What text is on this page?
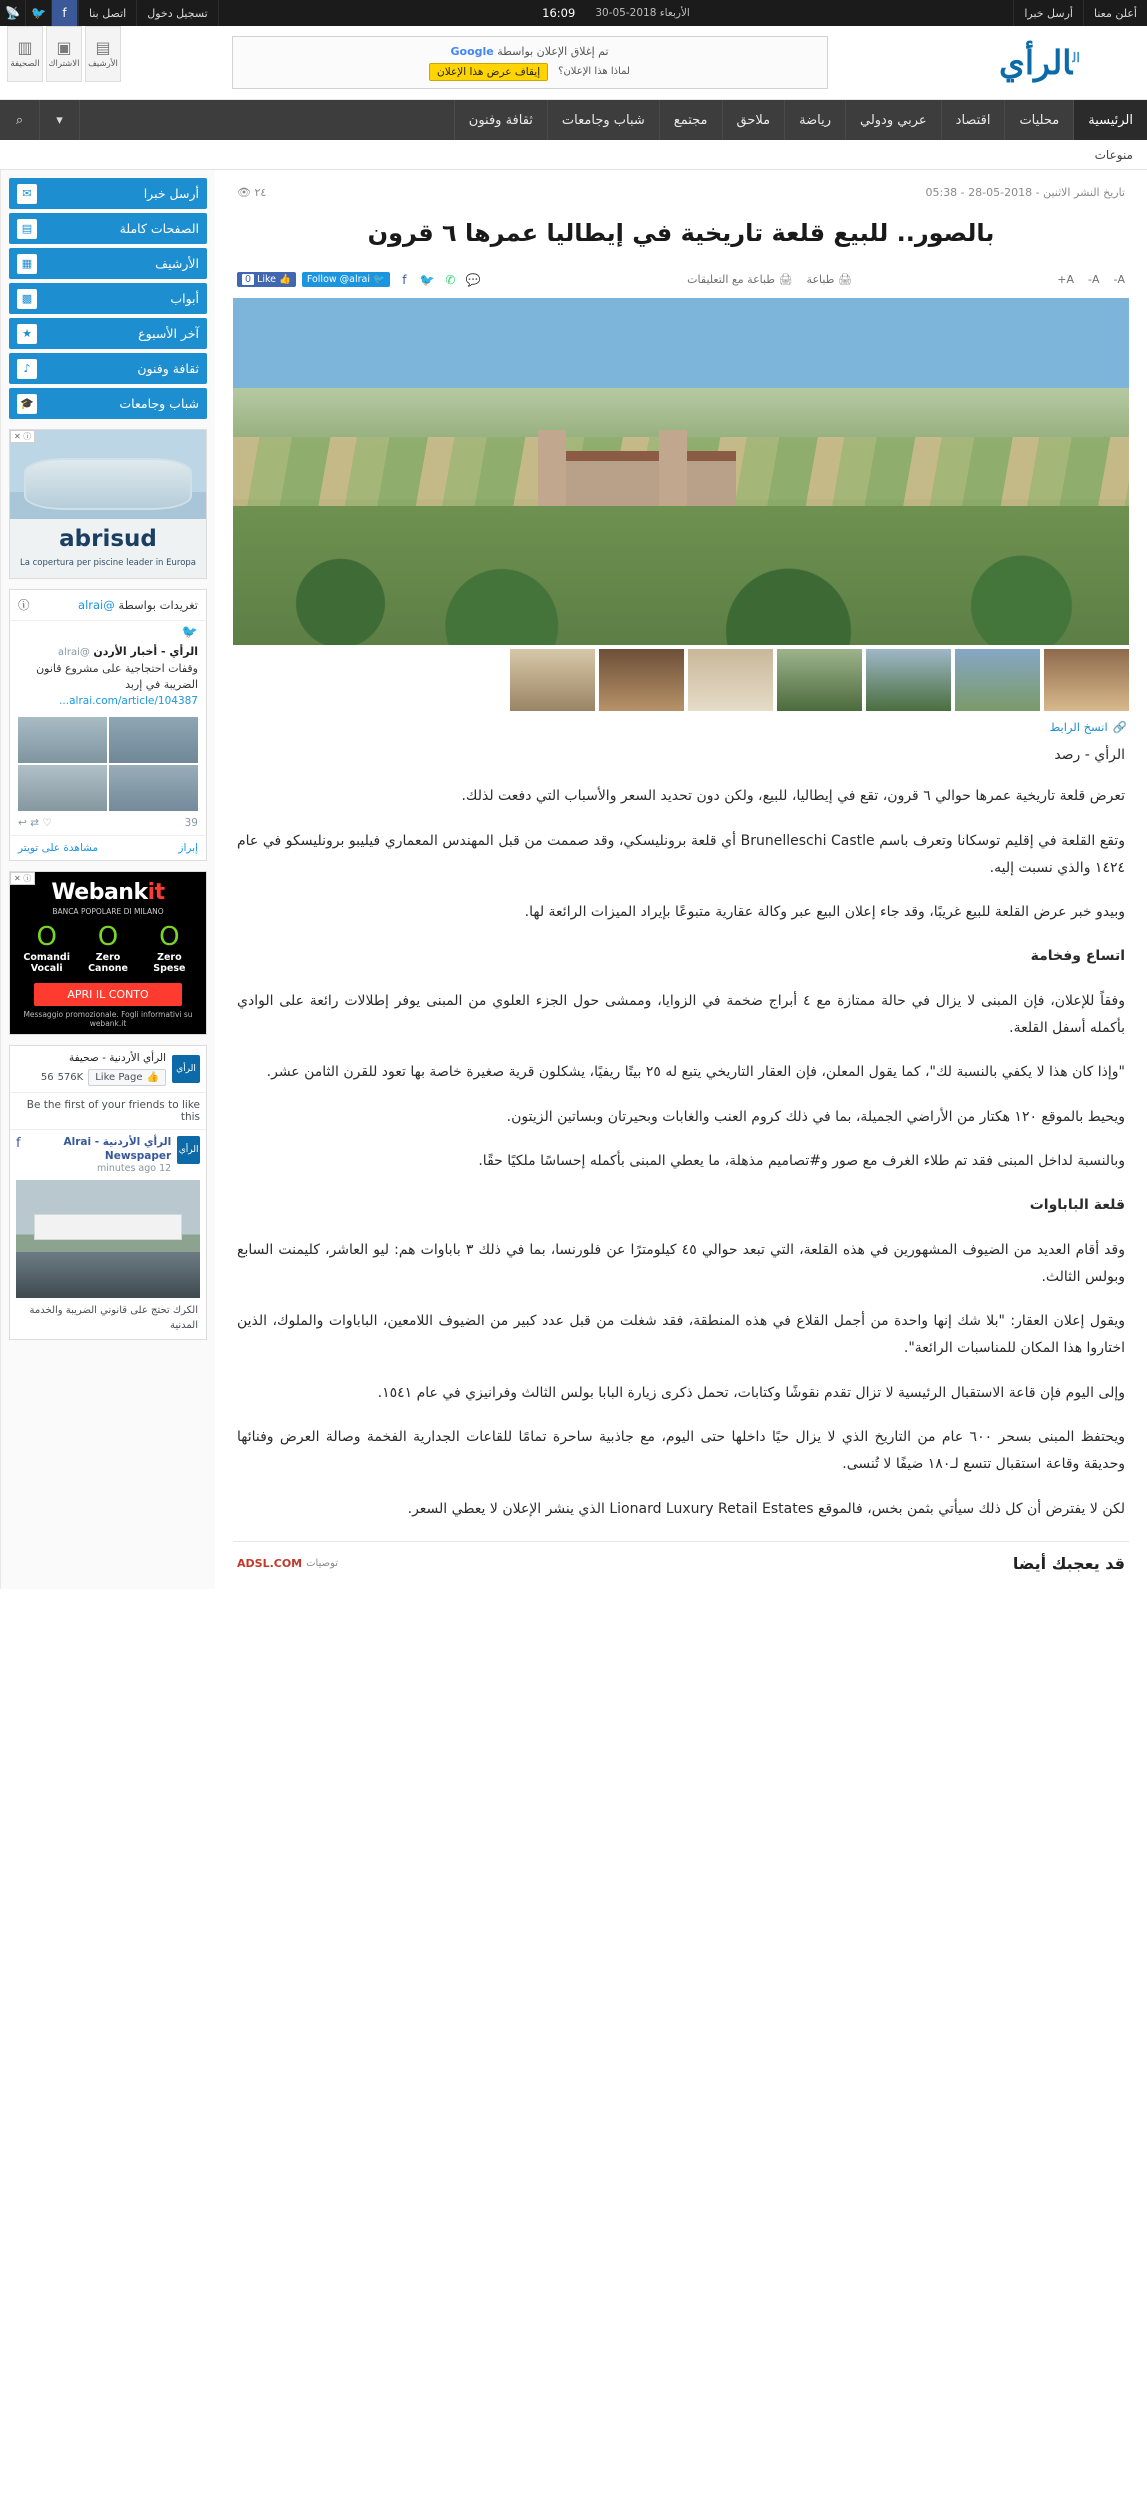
أعلن معنا
أرسل خبرا
الأربعاء 2018-05-30
16:09
تسجيل دخول
اتصل بنا
f
🐦
📡
$^{ال}$الرأي
تم إغلاق الإعلان بواسطة Google
لماذا هذا الإعلان؟
إيقاف عرض هذا الإعلان
▤
الأرشيف
▣
الاشتراك
▥
الصحيفة
الرئيسية
محليات
اقتصاد
عربي ودولي
رياضة
ملاحق
مجتمع
شباب وجامعات
ثقافة وفنون
▾
⌕
منوعات
تاريخ النشر الاثنين - 2018-05-28 - 05:38
٢٤ 👁
بالصور.. للبيع قلعة تاريخية في إيطاليا عمرها ٦ قرون
A-
A-
A+
🖨 طباعة
🖨 طباعة مع التعليقات
💬
✆
🐦
f
🐦
Follow @alrai
👍
Like
0
🔗
انسخ الرابط

الرأي - رصد

تعرض قلعة تاريخية عمرها حوالي ٦ قرون، تقع في إيطاليا، للبيع، ولكن دون تحديد السعر والأسباب التي دفعت لذلك.

وتقع القلعة في إقليم توسكانا وتعرف باسم Brunelleschi Castle أي قلعة برونليسكي، وقد صممت من قبل المهندس المعماري فيليبو برونليسكو في عام ١٤٢٤ والذي نسبت إليه.

وبيدو خبر عرض القلعة للبيع غريبًا، وقد جاء إعلان البيع عبر وكالة عقارية متبوعًا بإيراد الميزات الرائعة لها.

اتساع وفخامة

وفقاً للإعلان، فإن المبنى لا يزال في حالة ممتازة مع ٤ أبراج ضخمة في الزوايا، وممشى حول الجزء العلوي من المبنى يوفر إطلالات رائعة على الوادي بأكمله أسفل القلعة.

"وإذا كان هذا لا يكفي بالنسبة لك"، كما يقول المعلن، فإن العقار التاريخي يتبع له ٢٥ بيتًا ريفيًا، يشكلون قرية صغيرة خاصة بها تعود للقرن الثامن عشر.

ويحيط بالموقع ١٢٠ هكتار من الأراضي الجميلة، بما في ذلك كروم العنب والغابات وبحيرتان وبساتين الزيتون.

وبالنسبة لداخل المبنى فقد تم طلاء الغرف مع صور و#تصاميم مذهلة، ما يعطي المبنى بأكمله إحساسًا ملكيًا حقًا.

قلعة الباباوات

وقد أقام العديد من الضيوف المشهورين في هذه القلعة، التي تبعد حوالي ٤٥ كيلومترًا عن فلورنسا، بما في ذلك ٣ باباوات هم: ليو العاشر، كليمنت السابع وبولس الثالث.

ويقول إعلان العقار: "بلا شك إنها واحدة من أجمل القلاع في هذه المنطقة، فقد شغلت من قبل عدد كبير من الضيوف اللامعين، الباباوات والملوك، الذين اختاروا هذا المكان للمناسبات الرائعة".

وإلى اليوم فإن قاعة الاستقبال الرئيسية لا تزال تقدم نقوشًا وكتابات، تحمل ذكرى زيارة البابا بولس الثالث وفرانيزي في عام ١٥٤١.

ويحتفظ المبنى بسحر ٦٠٠ عام من التاريخ الذي لا يزال حيًا داخلها حتى اليوم، مع جاذبية ساحرة تمامًا للقاعات الجدارية الفخمة وصالة العرض وفنائها وحديقة وقاعة استقبال تتسع لـ١٨٠ ضيفًا لا تُنسى.

لكن لا يفترض أن كل ذلك سيأتي بثمن بخس، فالموقع Lionard Luxury Retail Estates الذي ينشر الإعلان لا يعطي السعر.

قد يعجبك أيضا
توصيات
ADSL.COM
أرسل خبرا
✉
الصفحات كاملة
▤
الأرشيف
▦
أبواب
▩
آخر الأسبوع
★
ثقافة وفنون
♪
شباب وجامعات
🎓
ⓘ ✕
abrisud
La copertura per piscine leader in Europa
تغريدات بواسطة @alrai
ⓘ
🐦
الرأي - أخبار الأردن @alrai
وقفات احتجاجية على مشروع قانون الضريبة في إربد
alrai.com/article/104387...
39
♡ ⇄ ↩
إبراز
مشاهدة على تويتر
ⓘ ✕
Webankit
BANCA POPOLARE DI MILANO
O
Zero
Spese
O
Zero
Canone
O
Comandi
Vocali
APRI IL CONTO
Messaggio promozionale. Fogli informativi su webank.it
الرأي
الرأي الأردنية - صحيفة
👍
Like Page
576K
56
Be the first of your friends to like this
الرأي
الرأي الأردنية - Alrai Newspaper
12 minutes ago
f
الكرك تحتج على قانوني الضريبة والخدمة المدنية
